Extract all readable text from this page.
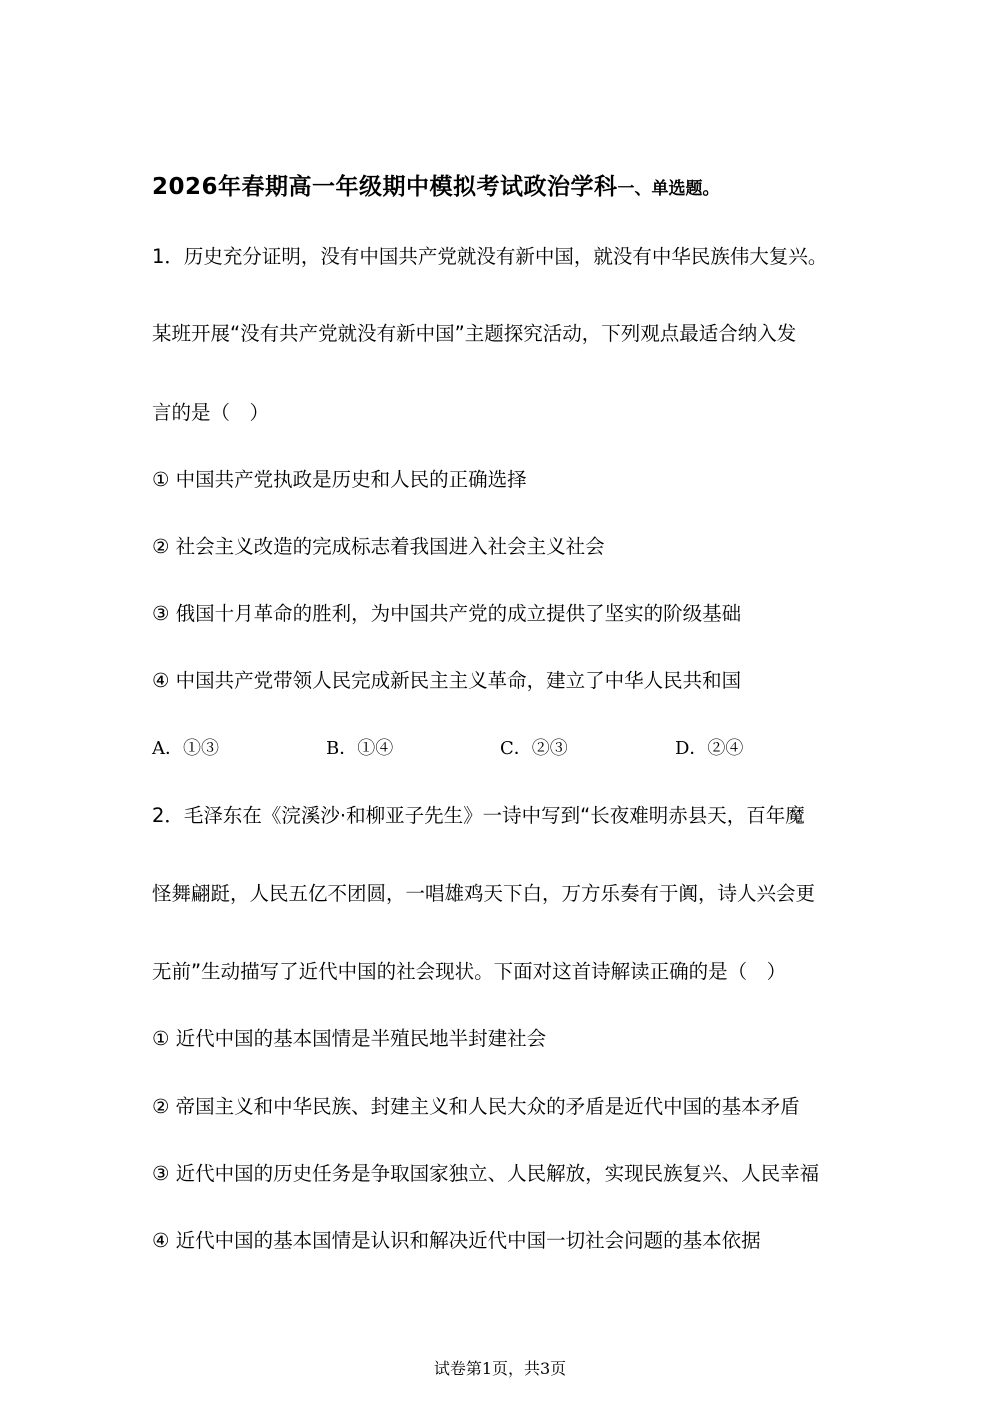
2026年春期高一年级期中模拟考试政治学科一、单选题。
1．历史充分证明，没有中国共产党就没有新中国，就没有中华民族伟大复兴。
某班开展“没有共产党就没有新中国”主题探究活动，下列观点最适合纳入发
言的是（　）
① 中国共产党执政是历史和人民的正确选择
② 社会主义改造的完成标志着我国进入社会主义社会
③ 俄国十月革命的胜利，为中国共产党的成立提供了坚实的阶级基础
④ 中国共产党带领人民完成新民主主义革命，建立了中华人民共和国
A．①③	B．①④	C．②③	D．②④
2．毛泽东在《浣溪沙·和柳亚子先生》一诗中写到“长夜难明赤县天，百年魔
怪舞翩跹，人民五亿不团圆，一唱雄鸡天下白，万方乐奏有于阗，诗人兴会更
无前”生动描写了近代中国的社会现状。下面对这首诗解读正确的是（　）
① 近代中国的基本国情是半殖民地半封建社会
② 帝国主义和中华民族、封建主义和人民大众的矛盾是近代中国的基本矛盾
③ 近代中国的历史任务是争取国家独立、人民解放，实现民族复兴、人民幸福
④ 近代中国的基本国情是认识和解决近代中国一切社会问题的基本依据
试卷第1页，共3页
